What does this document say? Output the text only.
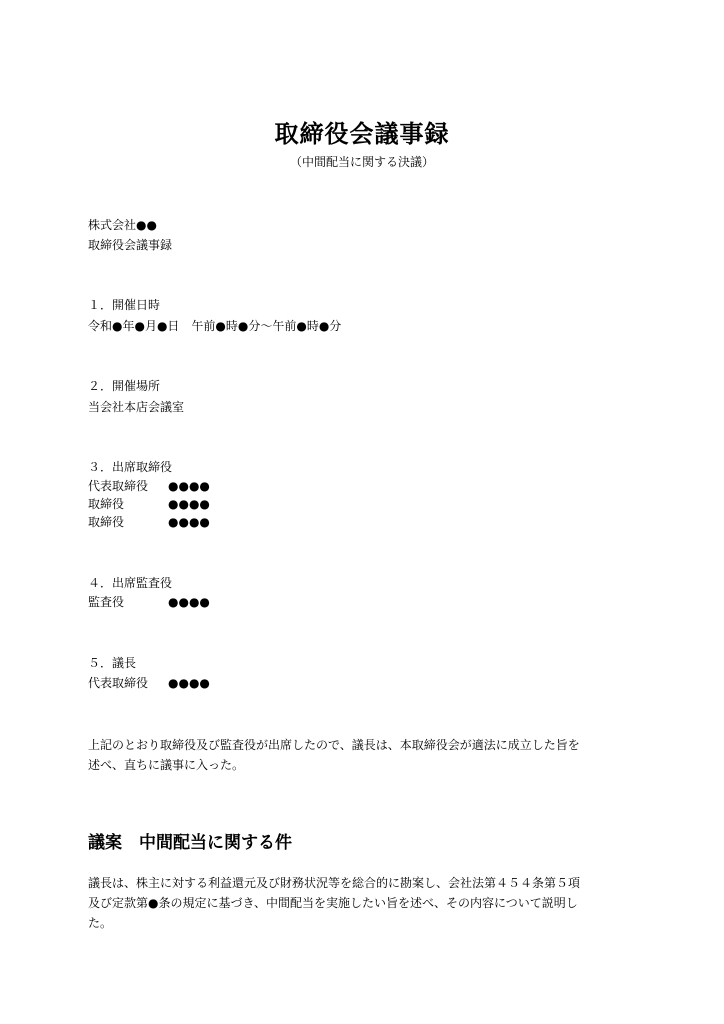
取締役会議事録
（中間配当に関する決議）
株式会社●●
取締役会議事録
１．開催日時
令和●年●月●日　午前●時●分～午前●時●分
２．開催場所
当会社本店会議室
３．出席取締役
代表取締役 ●●●●
取締役	●●●●
取締役	●●●●
４．出席監査役
監査役	●●●●
５．議長
代表取締役 ●●●●

上記のとおり取締役及び監査役が出席したので、議長は、本取締役会が適法に成立した旨を

述べ、直ちに議事に入った。

議案　中間配当に関する件

議長は、株主に対する利益還元及び財務状況等を総合的に勘案し、会社法第４５４条第５項

及び定款第●条の規定に基づき、中間配当を実施したい旨を述べ、その内容について説明し

た。
